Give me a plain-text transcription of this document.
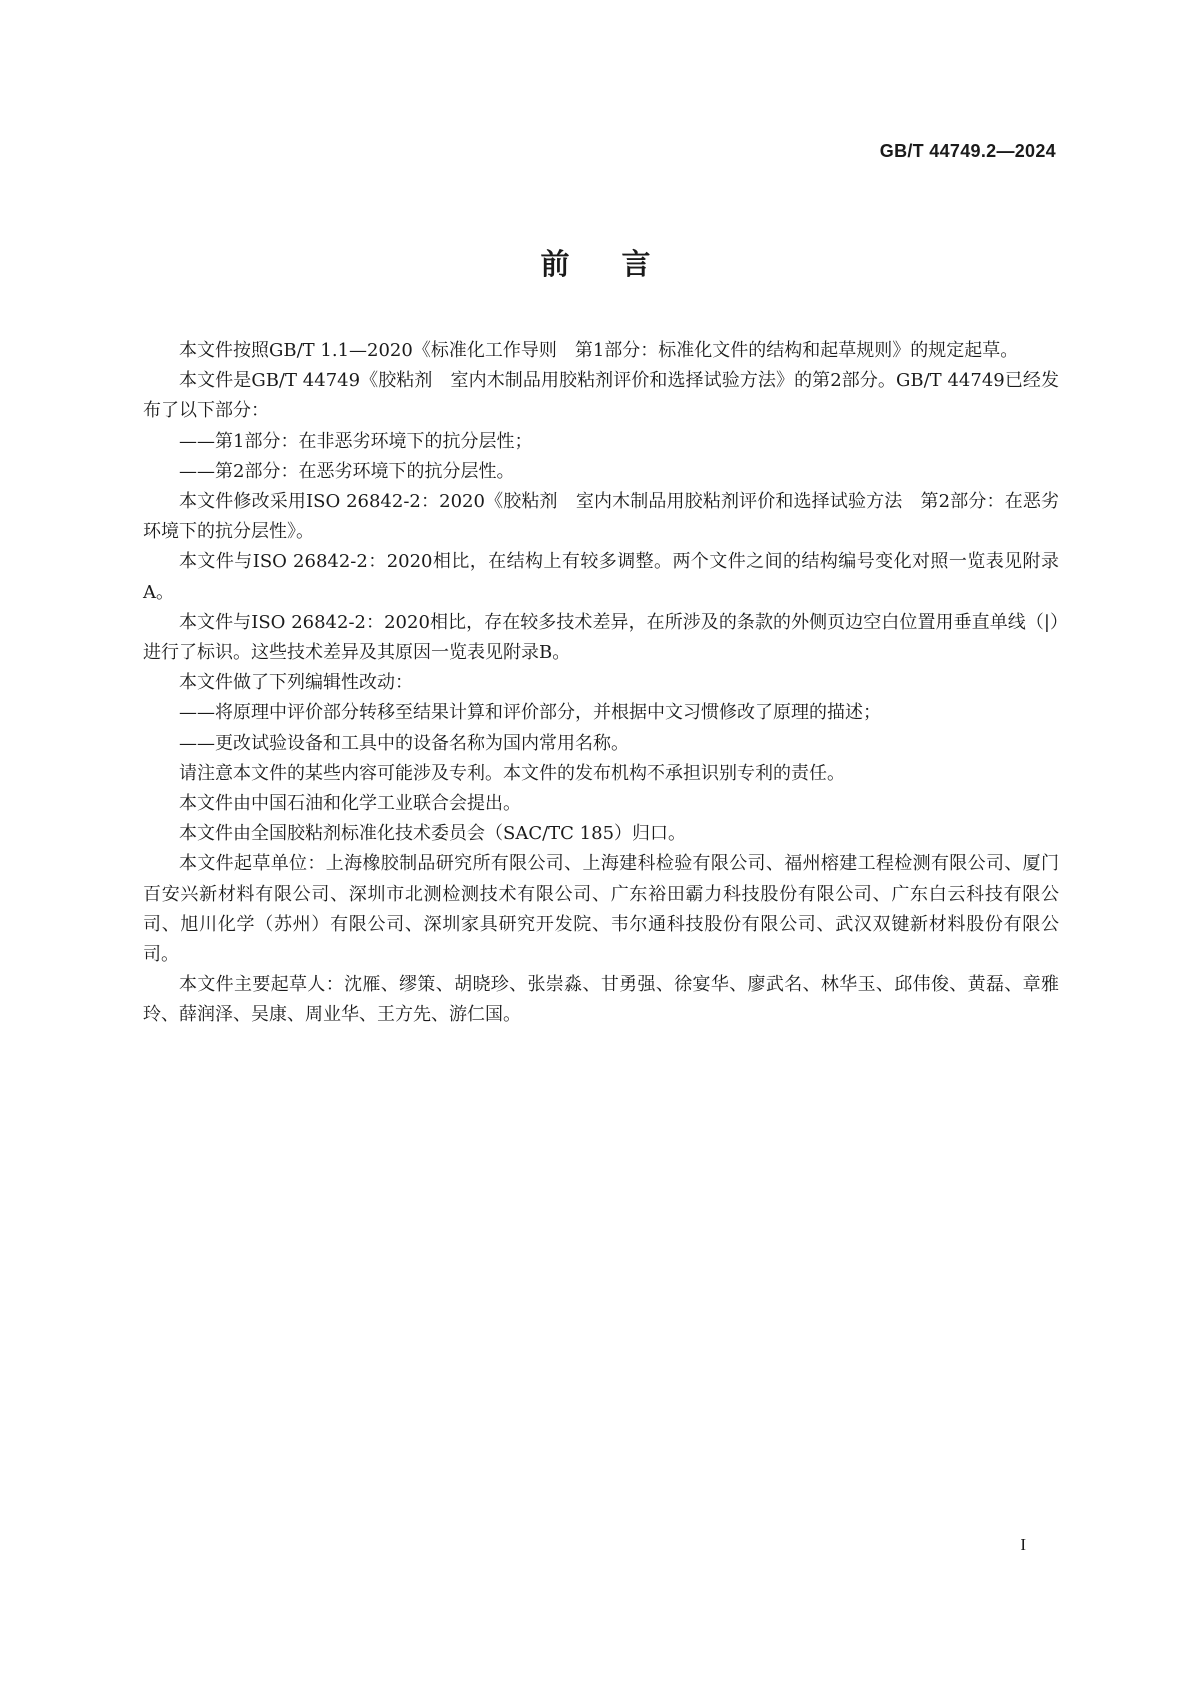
GB/T 44749.2—2024
前言

本文件按照GB/T 1.1—2020《标准化工作导则　第1部分：标准化文件的结构和起草规则》的规定起草。

本文件是GB/T 44749《胶粘剂　室内木制品用胶粘剂评价和选择试验方法》的第2部分。GB/T 44749已经发布了以下部分：

——第1部分：在非恶劣环境下的抗分层性；

——第2部分：在恶劣环境下的抗分层性。

本文件修改采用ISO 26842-2：2020《胶粘剂　室内木制品用胶粘剂评价和选择试验方法　第2部分：在恶劣环境下的抗分层性》。

本文件与ISO 26842-2：2020相比，在结构上有较多调整。两个文件之间的结构编号变化对照一览表见附录A。

本文件与ISO 26842-2：2020相比，存在较多技术差异，在所涉及的条款的外侧页边空白位置用垂直单线（|）进行了标识。这些技术差异及其原因一览表见附录B。

本文件做了下列编辑性改动：

——将原理中评价部分转移至结果计算和评价部分，并根据中文习惯修改了原理的描述；

——更改试验设备和工具中的设备名称为国内常用名称。

请注意本文件的某些内容可能涉及专利。本文件的发布机构不承担识别专利的责任。

本文件由中国石油和化学工业联合会提出。

本文件由全国胶粘剂标准化技术委员会（SAC/TC 185）归口。

本文件起草单位：上海橡胶制品研究所有限公司、上海建科检验有限公司、福州榕建工程检测有限公司、厦门百安兴新材料有限公司、深圳市北测检测技术有限公司、广东裕田霸力科技股份有限公司、广东白云科技有限公司、旭川化学（苏州）有限公司、深圳家具研究开发院、韦尔通科技股份有限公司、武汉双键新材料股份有限公司。

本文件主要起草人：沈雁、缪策、胡晓珍、张崇淼、甘勇强、徐宴华、廖武名、林华玉、邱伟俊、黄磊、章雅玲、薛润泽、吴康、周业华、王方先、游仁国。

I
